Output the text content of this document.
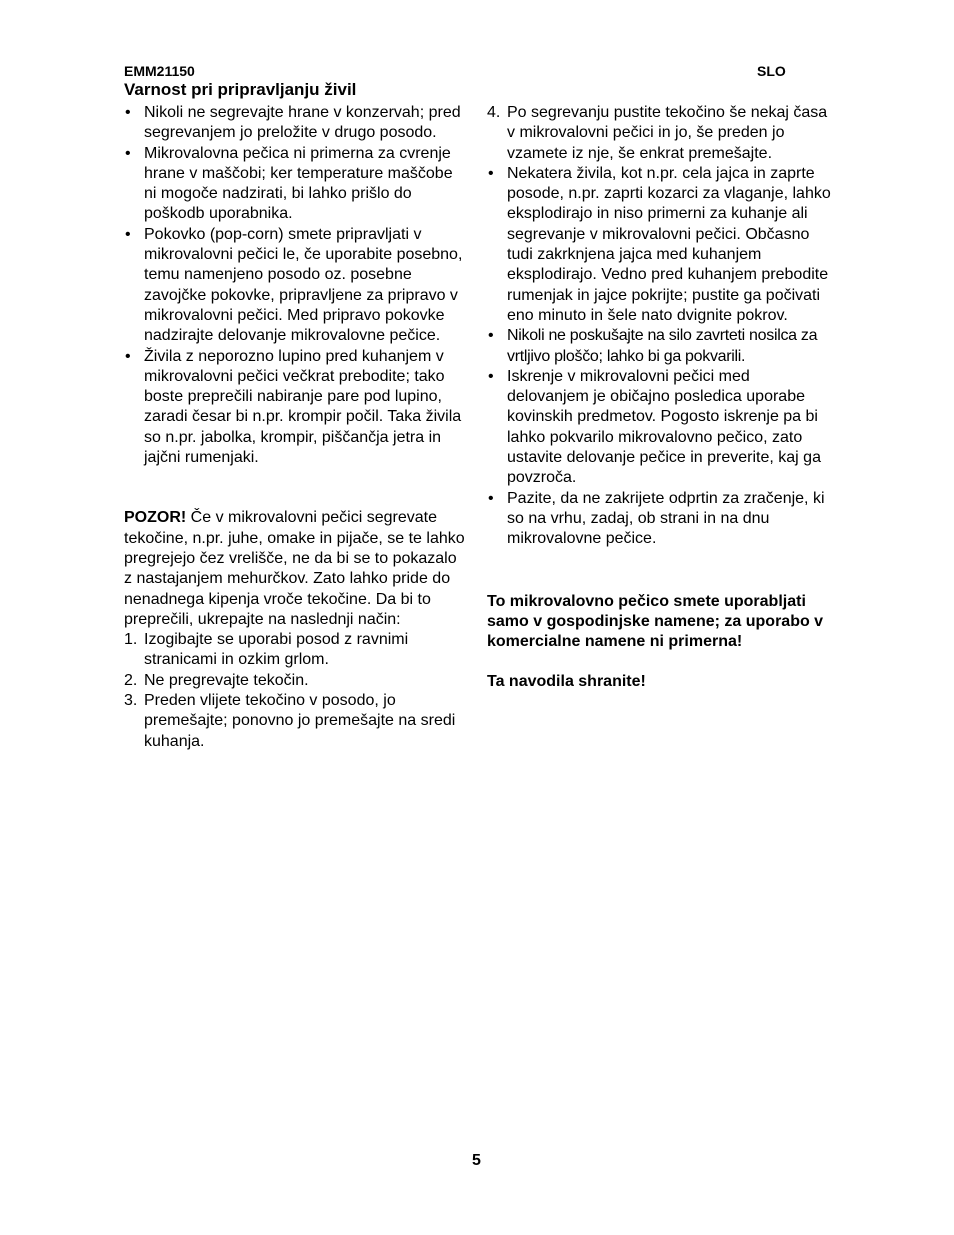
EMM21150	SLO
Varnost pri pripravljanju živil
• Nikoli ne segrevajte hrane v konzervah; pred segrevanjem jo preložite v drugo posodo.
• Mikrovalovna pečica ni primerna za cvrenje hrane v maščobi; ker temperature maščobe ni mogoče nadzirati, bi lahko prišlo do poškodb uporabnika.
• Pokovko (pop-corn) smete pripravljati v mikrovalovni pečici le, če uporabite posebno, temu namenjeno posodo oz. posebne zavojčke pokovke, pripravljene za pripravo v mikrovalovni pečici. Med pripravo pokovke nadzirajte delovanje mikrovalovne pečice.
• Živila z neporozno lupino pred kuhanjem v mikrovalovni pečici večkrat prebodite; tako boste preprečili nabiranje pare pod lupino, zaradi česar bi n.pr. krompir počil. Taka živila so n.pr. jabolka, krompir, piščančja jetra in jajčni rumenjaki.

POZOR! Če v mikrovalovni pečici segrevate tekočine, n.pr. juhe, omake in pijače, se te lahko pregrejejo čez vrelišče, ne da bi se to pokazalo z nastajanjem mehurčkov. Zato lahko pride do nenadnega kipenja vroče tekočine. Da bi to preprečili, ukrepajte na naslednji način:

1. Izogibajte se uporabi posod z ravnimi stranicami in ozkim grlom.
2. Ne pregrevajte tekočin.
3. Preden vlijete tekočino v posodo, jo premešajte; ponovno jo premešajte na sredi kuhanja.
4. Po segrevanju pustite tekočino še nekaj časa v mikrovalovni pečici in jo, še preden jo vzamete iz nje, še enkrat premešajte.
• Nekatera živila, kot n.pr. cela jajca in zaprte posode, n.pr. zaprti kozarci za vlaganje, lahko eksplodirajo in niso primerni za kuhanje ali segrevanje v mikrovalovni pečici. Občasno tudi zakrknjena jajca med kuhanjem eksplodirajo. Vedno pred kuhanjem prebodite rumenjak in jajce pokrijte; pustite ga počivati eno minuto in šele nato dvignite pokrov.
• Nikoli ne poskušajte na silo zavrteti nosilca za vrtljivo ploščo; lahko bi ga pokvarili.
• Iskrenje v mikrovalovni pečici med delovanjem je običajno posledica uporabe kovinskih predmetov. Pogosto iskrenje pa bi lahko pokvarilo mikrovalovno pečico, zato ustavite delovanje pečice in preverite, kaj ga povzroča.
• Pazite, da ne zakrijete odprtin za zračenje, ki so na vrhu, zadaj, ob strani in na dnu mikrovalovne pečice.

To mikrovalovno pečico smete uporabljati samo v gospodinjske namene; za uporabo v komercialne namene ni primerna!

Ta navodila shranite!

5
